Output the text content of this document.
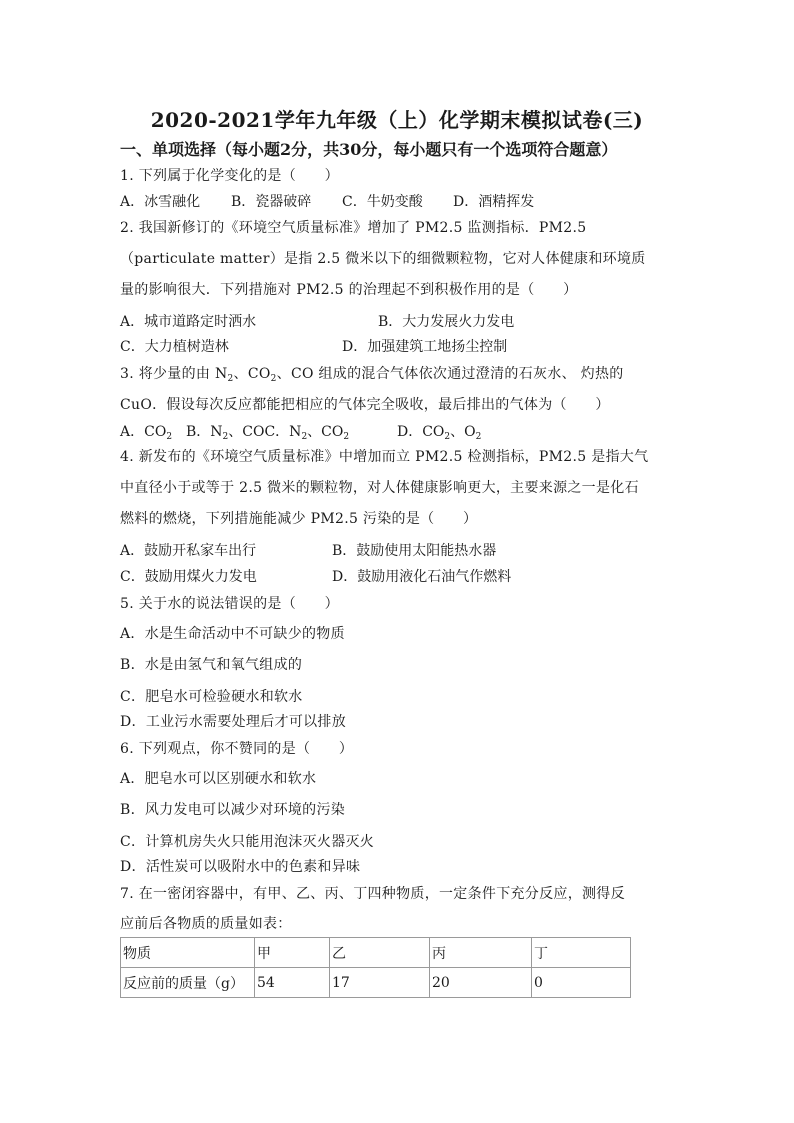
2020-2021学年九年级（上）化学期末模拟试卷(三)
一、单项选择（每小题2分，共30分，每小题只有一个选项符合题意）
1. 下列属于化学变化的是（　　）
A．冰雪融化 B．瓷器破碎 C．牛奶变酸 D．酒精挥发
2. 我国新修订的《环境空气质量标准》增加了 PM2.5 监测指标．PM2.5
（particulate matter）是指 2.5 微米以下的细微颗粒物，它对人体健康和环境质
量的影响很大．下列措施对 PM2.5 的治理起不到积极作用的是（　　）
A．城市道路定时洒水	B．大力发展火力发电
C．大力植树造林	D．加强建筑工地扬尘控制
3. 将少量的由 $N_2$、$CO_2$、CO 组成的混合气体依次通过澄清的石灰水、 灼热的
CuO．假设每次反应都能把相应的气体完全吸收，最后排出的气体为（　　）
A．$CO_2$ B．$N_2$、COC．$N_2$、$CO_2$	D．$CO_2$、$O_2$
4. 新发布的《环境空气质量标准》中增加而立 PM2.5 检测指标，PM2.5 是指大气
中直径小于或等于 2.5 微米的颗粒物，对人体健康影响更大，主要来源之一是化石
燃料的燃烧，下列措施能减少 PM2.5 污染的是（　　）
A．鼓励开私家车出行	B．鼓励使用太阳能热水器
C．鼓励用煤火力发电	D．鼓励用液化石油气作燃料
5. 关于水的说法错误的是（　　）
A．水是生命活动中不可缺少的物质
B．水是由氢气和氧气组成的
C．肥皂水可检验硬水和软水
D．工业污水需要处理后才可以排放
6. 下列观点，你不赞同的是（　　）
A．肥皂水可以区别硬水和软水
B．风力发电可以减少对环境的污染
C．计算机房失火只能用泡沫灭火器灭火
D．活性炭可以吸附水中的色素和异味
7. 在一密闭容器中，有甲、乙、丙、丁四种物质，一定条件下充分反应，测得反
应前后各物质的质量如表：
物质	甲	乙	丙	丁
反应前的质量（g）	54	17	20	0
